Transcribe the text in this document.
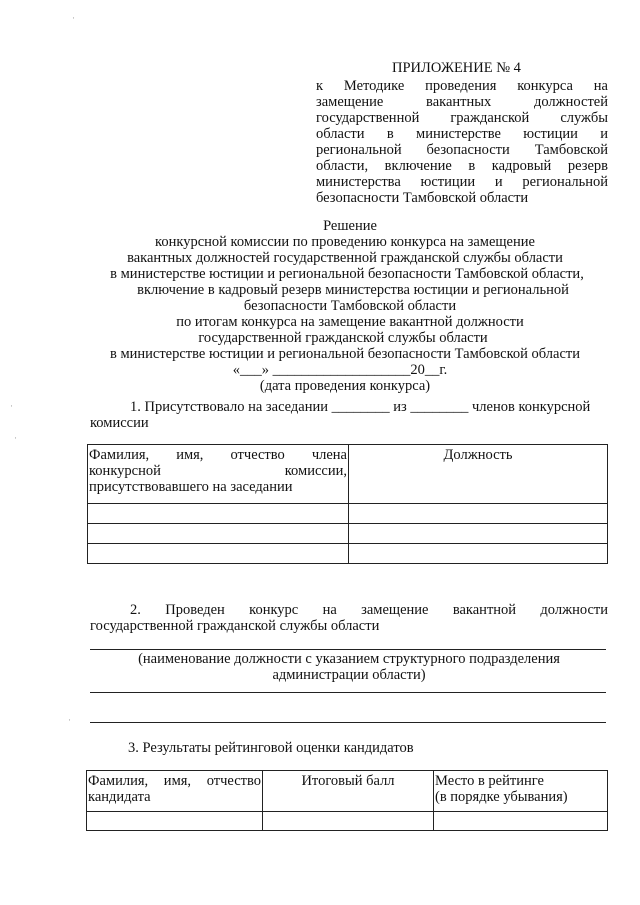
ПРИЛОЖЕНИЕ № 4
к Методике проведения конкурса на
замещение вакантных должностей
государственной гражданской службы
области в министерстве юстиции и
региональной безопасности Тамбовской
области, включение в кадровый резерв
министерства юстиции и региональной
безопасности Тамбовской области
Решение
конкурсной комиссии по проведению конкурса на замещение
вакантных должностей государственной гражданской службы области
в министерстве юстиции и региональной безопасности Тамбовской области,
включение в кадровый резерв министерства юстиции и региональной
безопасности Тамбовской области
по итогам конкурса на замещение вакантной должности
государственной гражданской службы области
в министерстве юстиции и региональной безопасности Тамбовской области
«___» ___________________20__г.
(дата проведения конкурса)
1. Присутствовало на заседании ________ из ________ членов конкурсной
комиссии
Фамилия, имя, отчество члена конкурсной комиссии, присутствовавшего на заседании	Должность

2. Проведен конкурс на замещение вакантной должности
государственной гражданской службы области
(наименование должности с указанием структурного подразделения
администрации области)
3. Результаты рейтинговой оценки кандидатов
Фамилия, имя, отчество кандидата	Итоговый балл	Место в рейтинге
(в порядке убывания)

·
·
·
·
